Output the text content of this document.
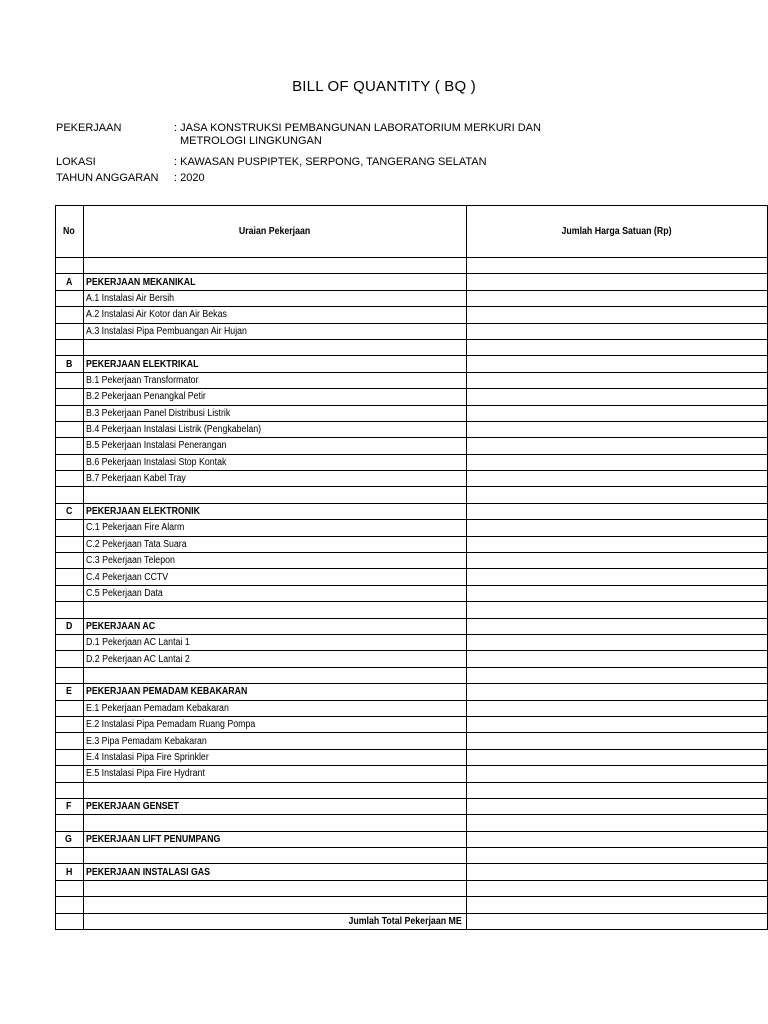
BILL OF QUANTITY ( BQ )
PEKERJAAN	: JASA KONSTRUKSI PEMBANGUNAN LABORATORIUM MERKURI DAN
METROLOGI LINGKUNGAN
LOKASI	: KAWASAN PUSPIPTEK, SERPONG, TANGERANG SELATAN
TAHUN ANGGARAN	: 2020
No	Uraian Pekerjaan	Jumlah Harga Satuan (Rp)

A	PEKERJAAN MEKANIKAL	
	A.1 Instalasi Air Bersih	
	A.2 Instalasi Air Kotor dan Air Bekas	
	A.3 Instalasi Pipa Pembuangan Air Hujan	

B	PEKERJAAN ELEKTRIKAL	
	B.1 Pekerjaan Transformator	
	B.2 Pekerjaan Penangkal Petir	
	B.3 Pekerjaan Panel Distribusi Listrik	
	B.4 Pekerjaan Instalasi Listrik (Pengkabelan)	
	B.5 Pekerjaan Instalasi Penerangan	
	B.6 Pekerjaan Instalasi Stop Kontak	
	B.7 Pekerjaan Kabel Tray	

C	PEKERJAAN ELEKTRONIK	
	C.1 Pekerjaan Fire Alarm	
	C.2 Pekerjaan Tata Suara	
	C.3 Pekerjaan Telepon	
	C.4 Pekerjaan CCTV	
	C.5 Pekerjaan Data	

D	PEKERJAAN AC	
	D.1 Pekerjaan AC Lantai 1	
	D.2 Pekerjaan AC Lantai 2	

E	PEKERJAAN PEMADAM KEBAKARAN	
	E.1 Pekerjaan Pemadam Kebakaran	
	E.2 Instalasi Pipa Pemadam Ruang Pompa	
	E.3 Pipa Pemadam Kebakaran	
	E.4 Instalasi Pipa Fire Sprinkler	
	E.5 Instalasi Pipa Fire Hydrant	

F	PEKERJAAN GENSET	

G	PEKERJAAN LIFT PENUMPANG	

H	PEKERJAAN INSTALASI GAS	

	Jumlah Total Pekerjaan ME	
